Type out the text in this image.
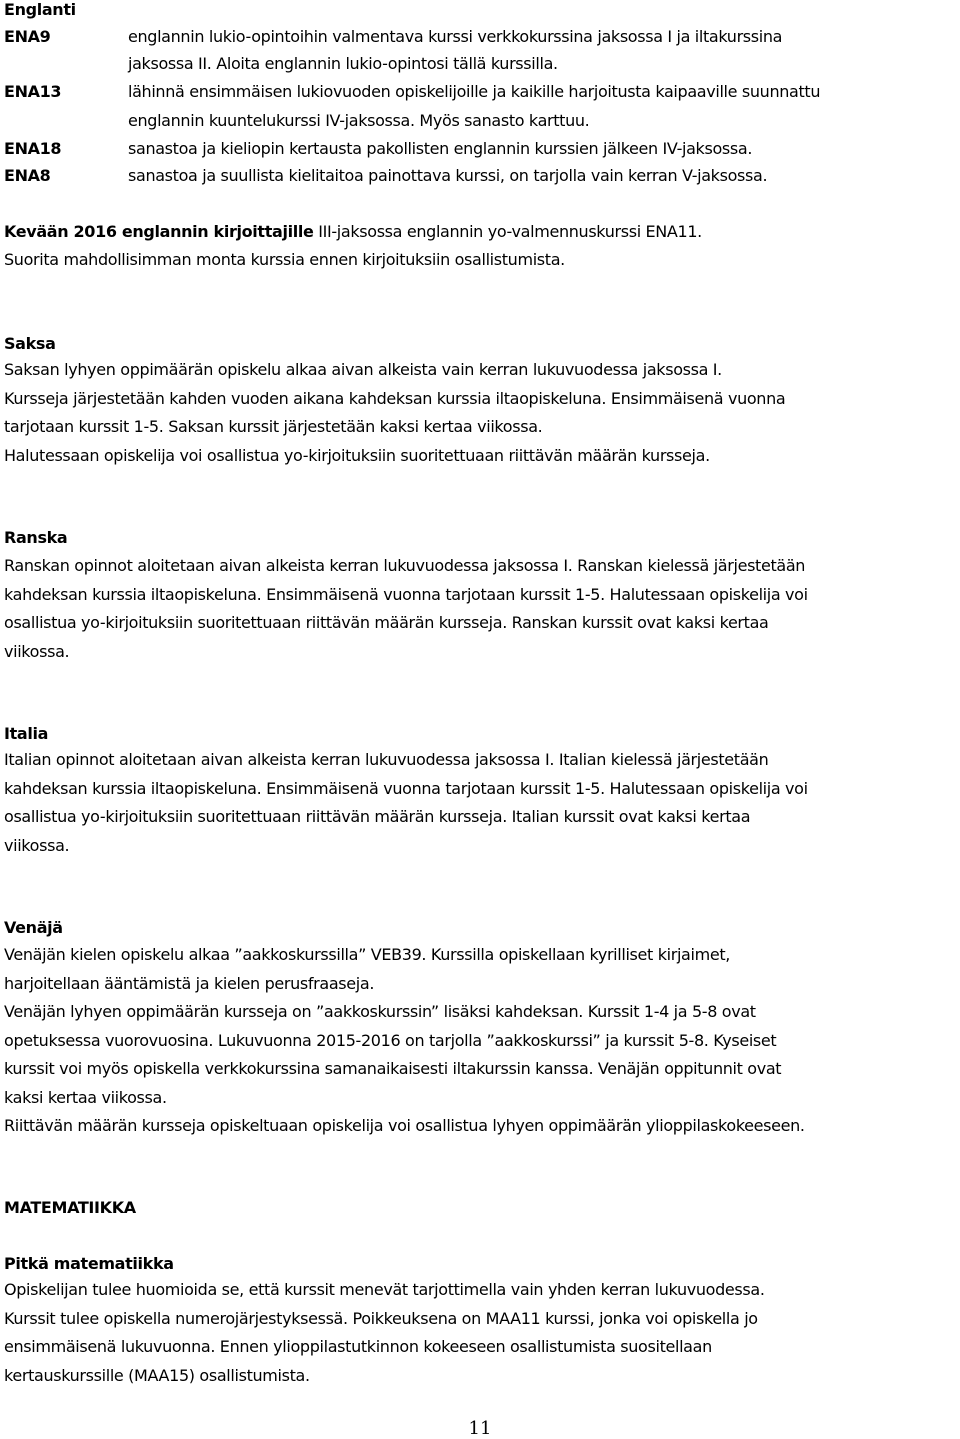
Englanti
ENA9	englannin lukio-opintoihin valmentava kurssi verkkokurssina jaksossa I ja iltakurssina
jaksossa II. Aloita englannin lukio-opintosi tällä kurssilla.
ENA13	lähinnä ensimmäisen lukiovuoden opiskelijoille ja kaikille harjoitusta kaipaaville suunnattu
englannin kuuntelukurssi IV-jaksossa. Myös sanasto karttuu.
ENA18	sanastoa ja kieliopin kertausta pakollisten englannin kurssien jälkeen IV-jaksossa.
ENA8	sanastoa ja suullista kielitaitoa painottava kurssi, on tarjolla vain kerran V-jaksossa.
Kevään 2016 englannin kirjoittajille III-jaksossa englannin yo-valmennuskurssi ENA11.
Suorita mahdollisimman monta kurssia ennen kirjoituksiin osallistumista.
Saksa
Saksan lyhyen oppimäärän opiskelu alkaa aivan alkeista vain kerran lukuvuodessa jaksossa I.
Kursseja järjestetään kahden vuoden aikana kahdeksan kurssia iltaopiskeluna. Ensimmäisenä vuonna
tarjotaan kurssit 1-5. Saksan kurssit järjestetään kaksi kertaa viikossa.
Halutessaan opiskelija voi osallistua yo-kirjoituksiin suoritettuaan riittävän määrän kursseja.
Ranska
Ranskan opinnot aloitetaan aivan alkeista kerran lukuvuodessa jaksossa I. Ranskan kielessä järjestetään
kahdeksan kurssia iltaopiskeluna. Ensimmäisenä vuonna tarjotaan kurssit 1-5. Halutessaan opiskelija voi
osallistua yo-kirjoituksiin suoritettuaan riittävän määrän kursseja. Ranskan kurssit ovat kaksi kertaa
viikossa.
Italia
Italian opinnot aloitetaan aivan alkeista kerran lukuvuodessa jaksossa I. Italian kielessä järjestetään
kahdeksan kurssia iltaopiskeluna. Ensimmäisenä vuonna tarjotaan kurssit 1-5. Halutessaan opiskelija voi
osallistua yo-kirjoituksiin suoritettuaan riittävän määrän kursseja. Italian kurssit ovat kaksi kertaa
viikossa.
Venäjä
Venäjän kielen opiskelu alkaa ”aakkoskurssilla” VEB39. Kurssilla opiskellaan kyrilliset kirjaimet,
harjoitellaan ääntämistä ja kielen perusfraaseja.
Venäjän lyhyen oppimäärän kursseja on ”aakkoskurssin” lisäksi kahdeksan. Kurssit 1-4 ja 5-8 ovat
opetuksessa vuorovuosina. Lukuvuonna 2015-2016 on tarjolla ”aakkoskurssi” ja kurssit 5-8. Kyseiset
kurssit voi myös opiskella verkkokurssina samanaikaisesti iltakurssin kanssa. Venäjän oppitunnit ovat
kaksi kertaa viikossa.
Riittävän määrän kursseja opiskeltuaan opiskelija voi osallistua lyhyen oppimäärän ylioppilaskokeeseen.
MATEMATIIKKA
Pitkä matematiikka
Opiskelijan tulee huomioida se, että kurssit menevät tarjottimella vain yhden kerran lukuvuodessa.
Kurssit tulee opiskella numerojärjestyksessä. Poikkeuksena on MAA11 kurssi, jonka voi opiskella jo
ensimmäisenä lukuvuonna. Ennen ylioppilastutkinnon kokeeseen osallistumista suositellaan
kertauskurssille (MAA15) osallistumista.
11
